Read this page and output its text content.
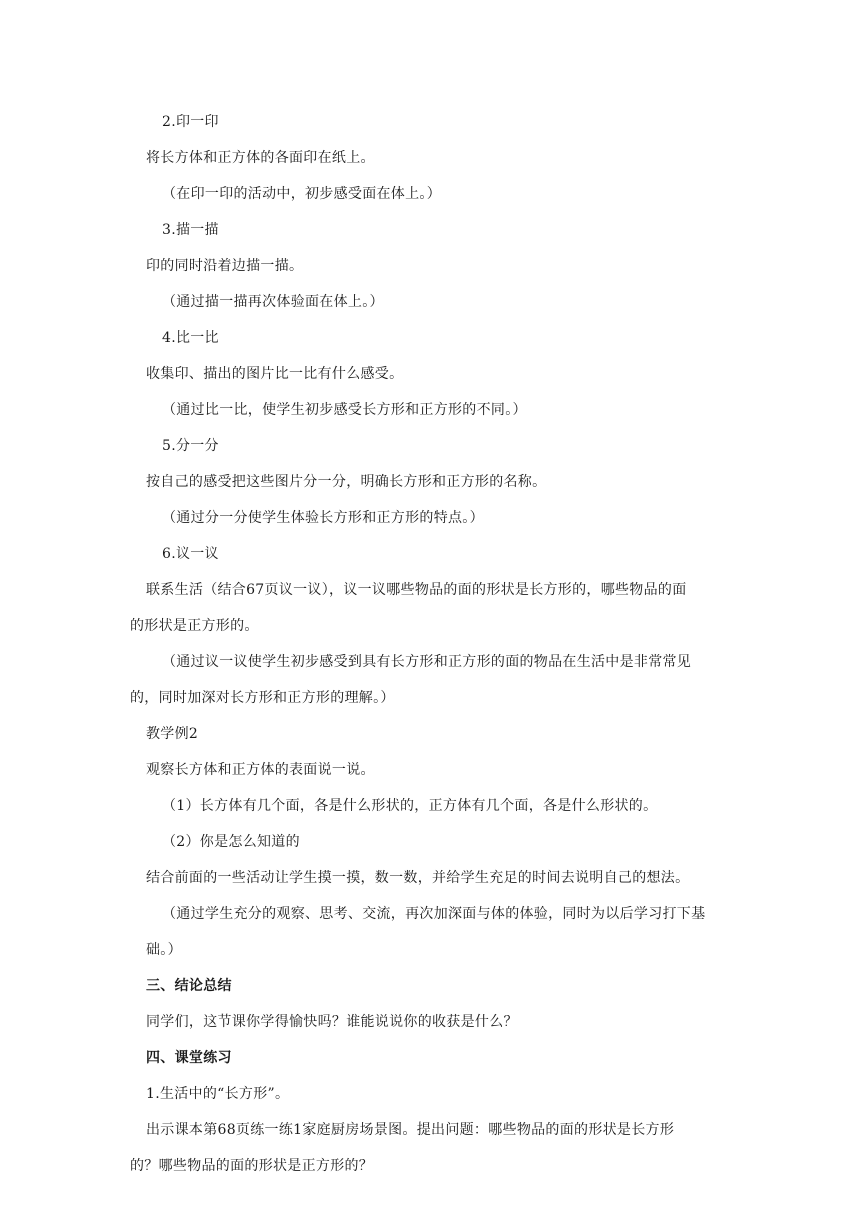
2.印一印
将长方体和正方体的各面印在纸上。
（在印一印的活动中，初步感受面在体上。）
3.描一描
印的同时沿着边描一描。
（通过描一描再次体验面在体上。）
4.比一比
收集印、描出的图片比一比有什么感受。
（通过比一比，使学生初步感受长方形和正方形的不同。）
5.分一分
按自己的感受把这些图片分一分，明确长方形和正方形的名称。
（通过分一分使学生体验长方形和正方形的特点。）
6.议一议
联系生活（结合67页议一议），议一议哪些物品的面的形状是长方形的，哪些物品的面
的形状是正方形的。
（通过议一议使学生初步感受到具有长方形和正方形的面的物品在生活中是非常常见
的，同时加深对长方形和正方形的理解。）
教学例2
观察长方体和正方体的表面说一说。
（1）长方体有几个面，各是什么形状的，正方体有几个面，各是什么形状的。
（2）你是怎么知道的
结合前面的一些活动让学生摸一摸，数一数，并给学生充足的时间去说明自己的想法。
（通过学生充分的观察、思考、交流，再次加深面与体的体验，同时为以后学习打下基
础。）
三、结论总结
同学们，这节课你学得愉快吗？谁能说说你的收获是什么？
四、课堂练习
1.生活中的“长方形”。
出示课本第68页练一练1家庭厨房场景图。提出问题：哪些物品的面的形状是长方形
的？哪些物品的面的形状是正方形的？
